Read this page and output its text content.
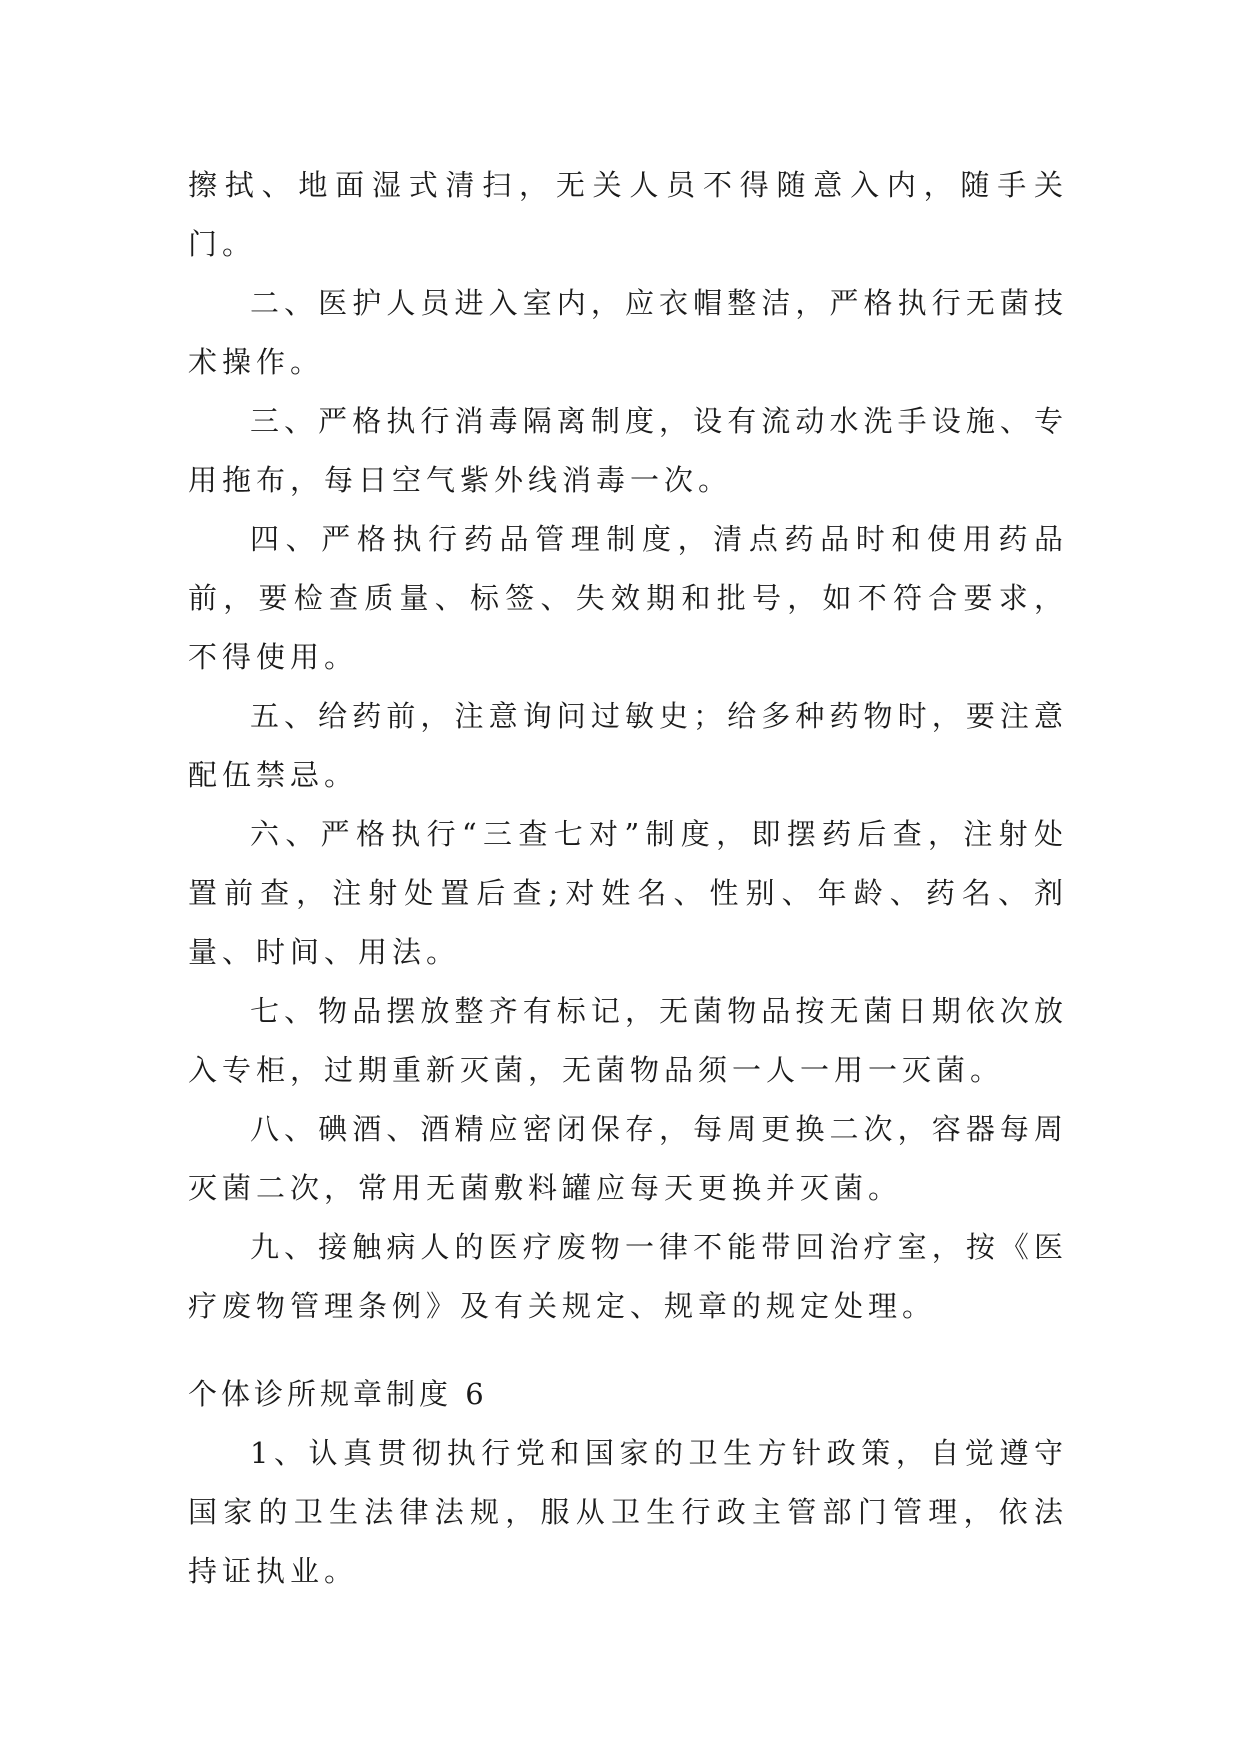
擦拭、地面湿式清扫，无关人员不得随意入内，随手关门。

二、医护人员进入室内，应衣帽整洁，严格执行无菌技术操作。

三、严格执行消毒隔离制度，设有流动水洗手设施、专用拖布，每日空气紫外线消毒一次。

四、严格执行药品管理制度，清点药品时和使用药品前，要检查质量、标签、失效期和批号，如不符合要求，不得使用。

五、给药前，注意询问过敏史；给多种药物时，要注意配伍禁忌。

六、严格执行“三查七对”制度，即摆药后查，注射处置前查，注射处置后查;对姓名、性别、年龄、药名、剂量、时间、用法。

七、物品摆放整齐有标记，无菌物品按无菌日期依次放入专柜，过期重新灭菌，无菌物品须一人一用一灭菌。

八、碘酒、酒精应密闭保存，每周更换二次，容器每周灭菌二次，常用无菌敷料罐应每天更换并灭菌。

九、接触病人的医疗废物一律不能带回治疗室，按《医疗废物管理条例》及有关规定、规章的规定处理。

个体诊所规章制度 6

1、认真贯彻执行党和国家的卫生方针政策，自觉遵守国家的卫生法律法规，服从卫生行政主管部门管理，依法持证执业。
